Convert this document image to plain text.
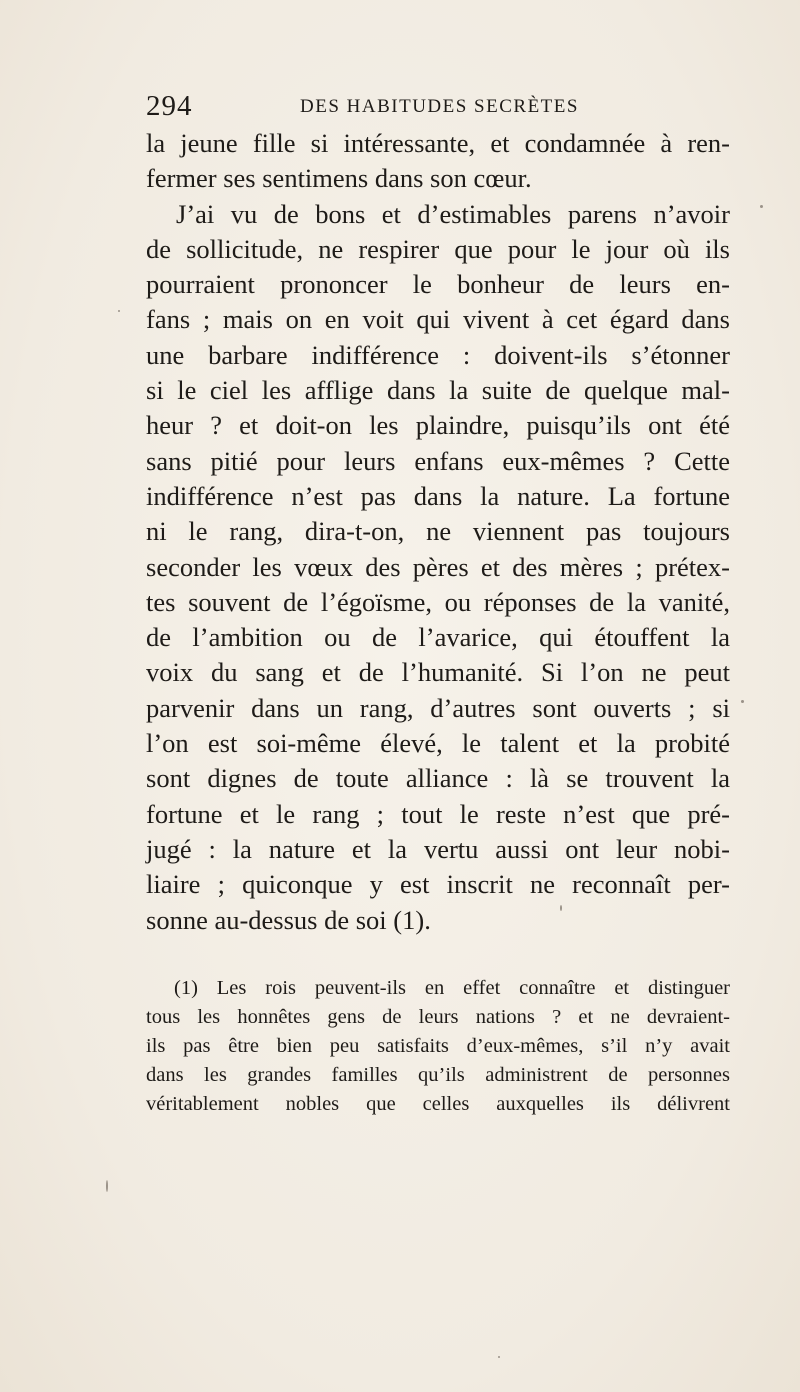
294	DES HABITUDES SECRÈTES
la jeune fille si intéressante, et condamnée à ren-
fermer ses sentimens dans son cœur.
J’ai vu de bons et d’estimables parens n’avoir
de sollicitude, ne respirer que pour le jour où ils
pourraient prononcer le bonheur de leurs en-
fans ; mais on en voit qui vivent à cet égard dans
une barbare indifférence : doivent-ils s’étonner
si le ciel les afflige dans la suite de quelque mal-
heur ? et doit-on les plaindre, puisqu’ils ont été
sans pitié pour leurs enfans eux-mêmes ? Cette
indifférence n’est pas dans la nature. La fortune
ni le rang, dira-t-on, ne viennent pas toujours
seconder les vœux des pères et des mères ; prétex-
tes souvent de l’égoïsme, ou réponses de la vanité,
de l’ambition ou de l’avarice, qui étouffent la
voix du sang et de l’humanité. Si l’on ne peut
parvenir dans un rang, d’autres sont ouverts ; si
l’on est soi-même élevé, le talent et la probité
sont dignes de toute alliance : là se trouvent la
fortune et le rang ; tout le reste n’est que pré-
jugé : la nature et la vertu aussi ont leur nobi-
liaire ; quiconque y est inscrit ne reconnaît per-
sonne au-dessus de soi (1).
(1) Les rois peuvent-ils en effet connaître et distinguer
tous les honnêtes gens de leurs nations ? et ne devraient-
ils pas être bien peu satisfaits d’eux-mêmes, s’il n’y avait
dans les grandes familles qu’ils administrent de personnes
véritablement nobles que celles auxquelles ils délivrent
